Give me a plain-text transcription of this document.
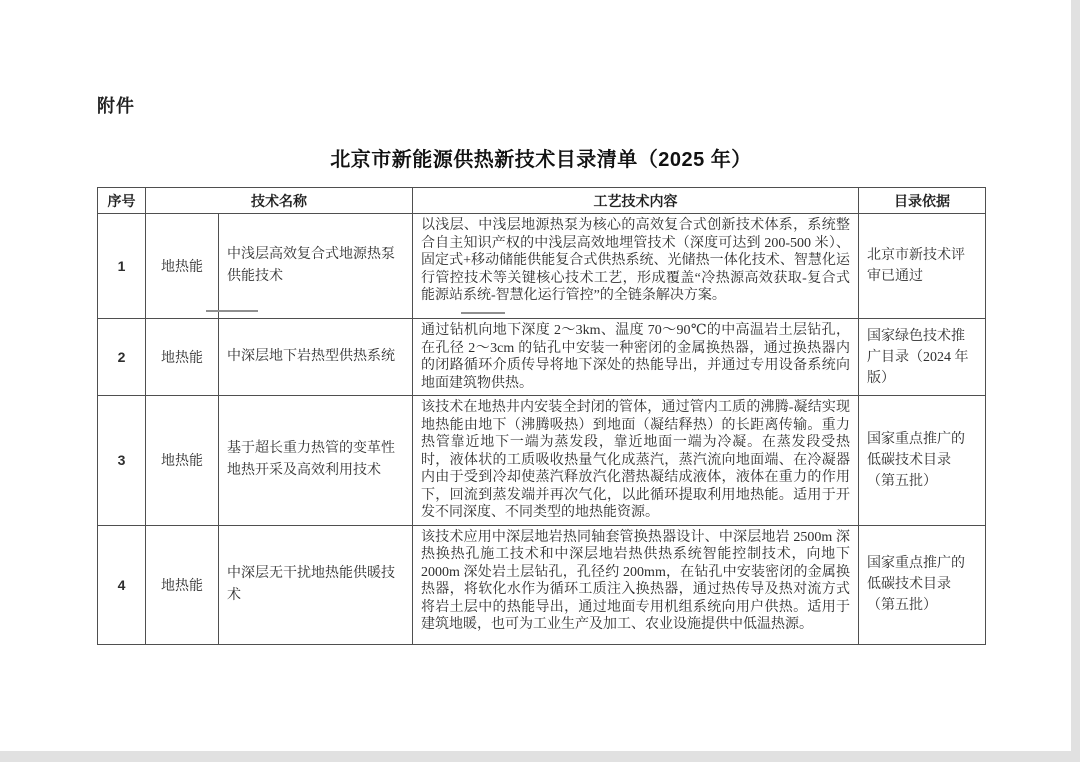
附件
北京市新能源供热新技术目录清单（2025 年）
序号	技术名称		工艺技术内容	目录依据
1	地热能	中浅层高效复合式地源热泵供能技术	以浅层、中浅层地源热泵为核心的高效复合式创新技术体系，系统整合自主知识产权的中浅层高效地埋管技术（深度可达到 200-500 米）、固定式+移动储能供能复合式供热系统、光储热一体化技术、智慧化运行管控技术等关键核心技术工艺，形成覆盖“冷热源高效获取-复合式能源站系统-智慧化运行管控”的全链条解决方案。	北京市新技术评审已通过
2	地热能	中深层地下岩热型供热系统	通过钻机向地下深度 2～3km、温度 70～90℃的中高温岩土层钻孔，在孔径 2～3cm 的钻孔中安装一种密闭的金属换热器，通过换热器内的闭路循环介质传导将地下深处的热能导出，并通过专用设备系统向地面建筑物供热。	国家绿色技术推广目录（2024 年版）
3	地热能	基于超长重力热管的变革性地热开采及高效利用技术	该技术在地热井内安装全封闭的管体，通过管内工质的沸腾-凝结实现地热能由地下（沸腾吸热）到地面（凝结释热）的长距离传输。重力热管靠近地下一端为蒸发段，靠近地面一端为冷凝。在蒸发段受热时，液体状的工质吸收热量气化成蒸汽，蒸汽流向地面端、在冷凝器内由于受到冷却使蒸汽释放汽化潜热凝结成液体，液体在重力的作用下，回流到蒸发端并再次气化，以此循环提取利用地热能。适用于开发不同深度、不同类型的地热能资源。	国家重点推广的低碳技术目录（第五批）
4	地热能	中深层无干扰地热能供暖技术	该技术应用中深层地岩热同轴套管换热器设计、中深层地岩 2500m 深热换热孔施工技术和中深层地岩热供热系统智能控制技术，向地下 2000m 深处岩土层钻孔，孔径约 200mm，在钻孔中安装密闭的金属换热器，将软化水作为循环工质注入换热器，通过热传导及热对流方式将岩土层中的热能导出，通过地面专用机组系统向用户供热。适用于建筑地暖，也可为工业生产及加工、农业设施提供中低温热源。	国家重点推广的低碳技术目录（第五批）
